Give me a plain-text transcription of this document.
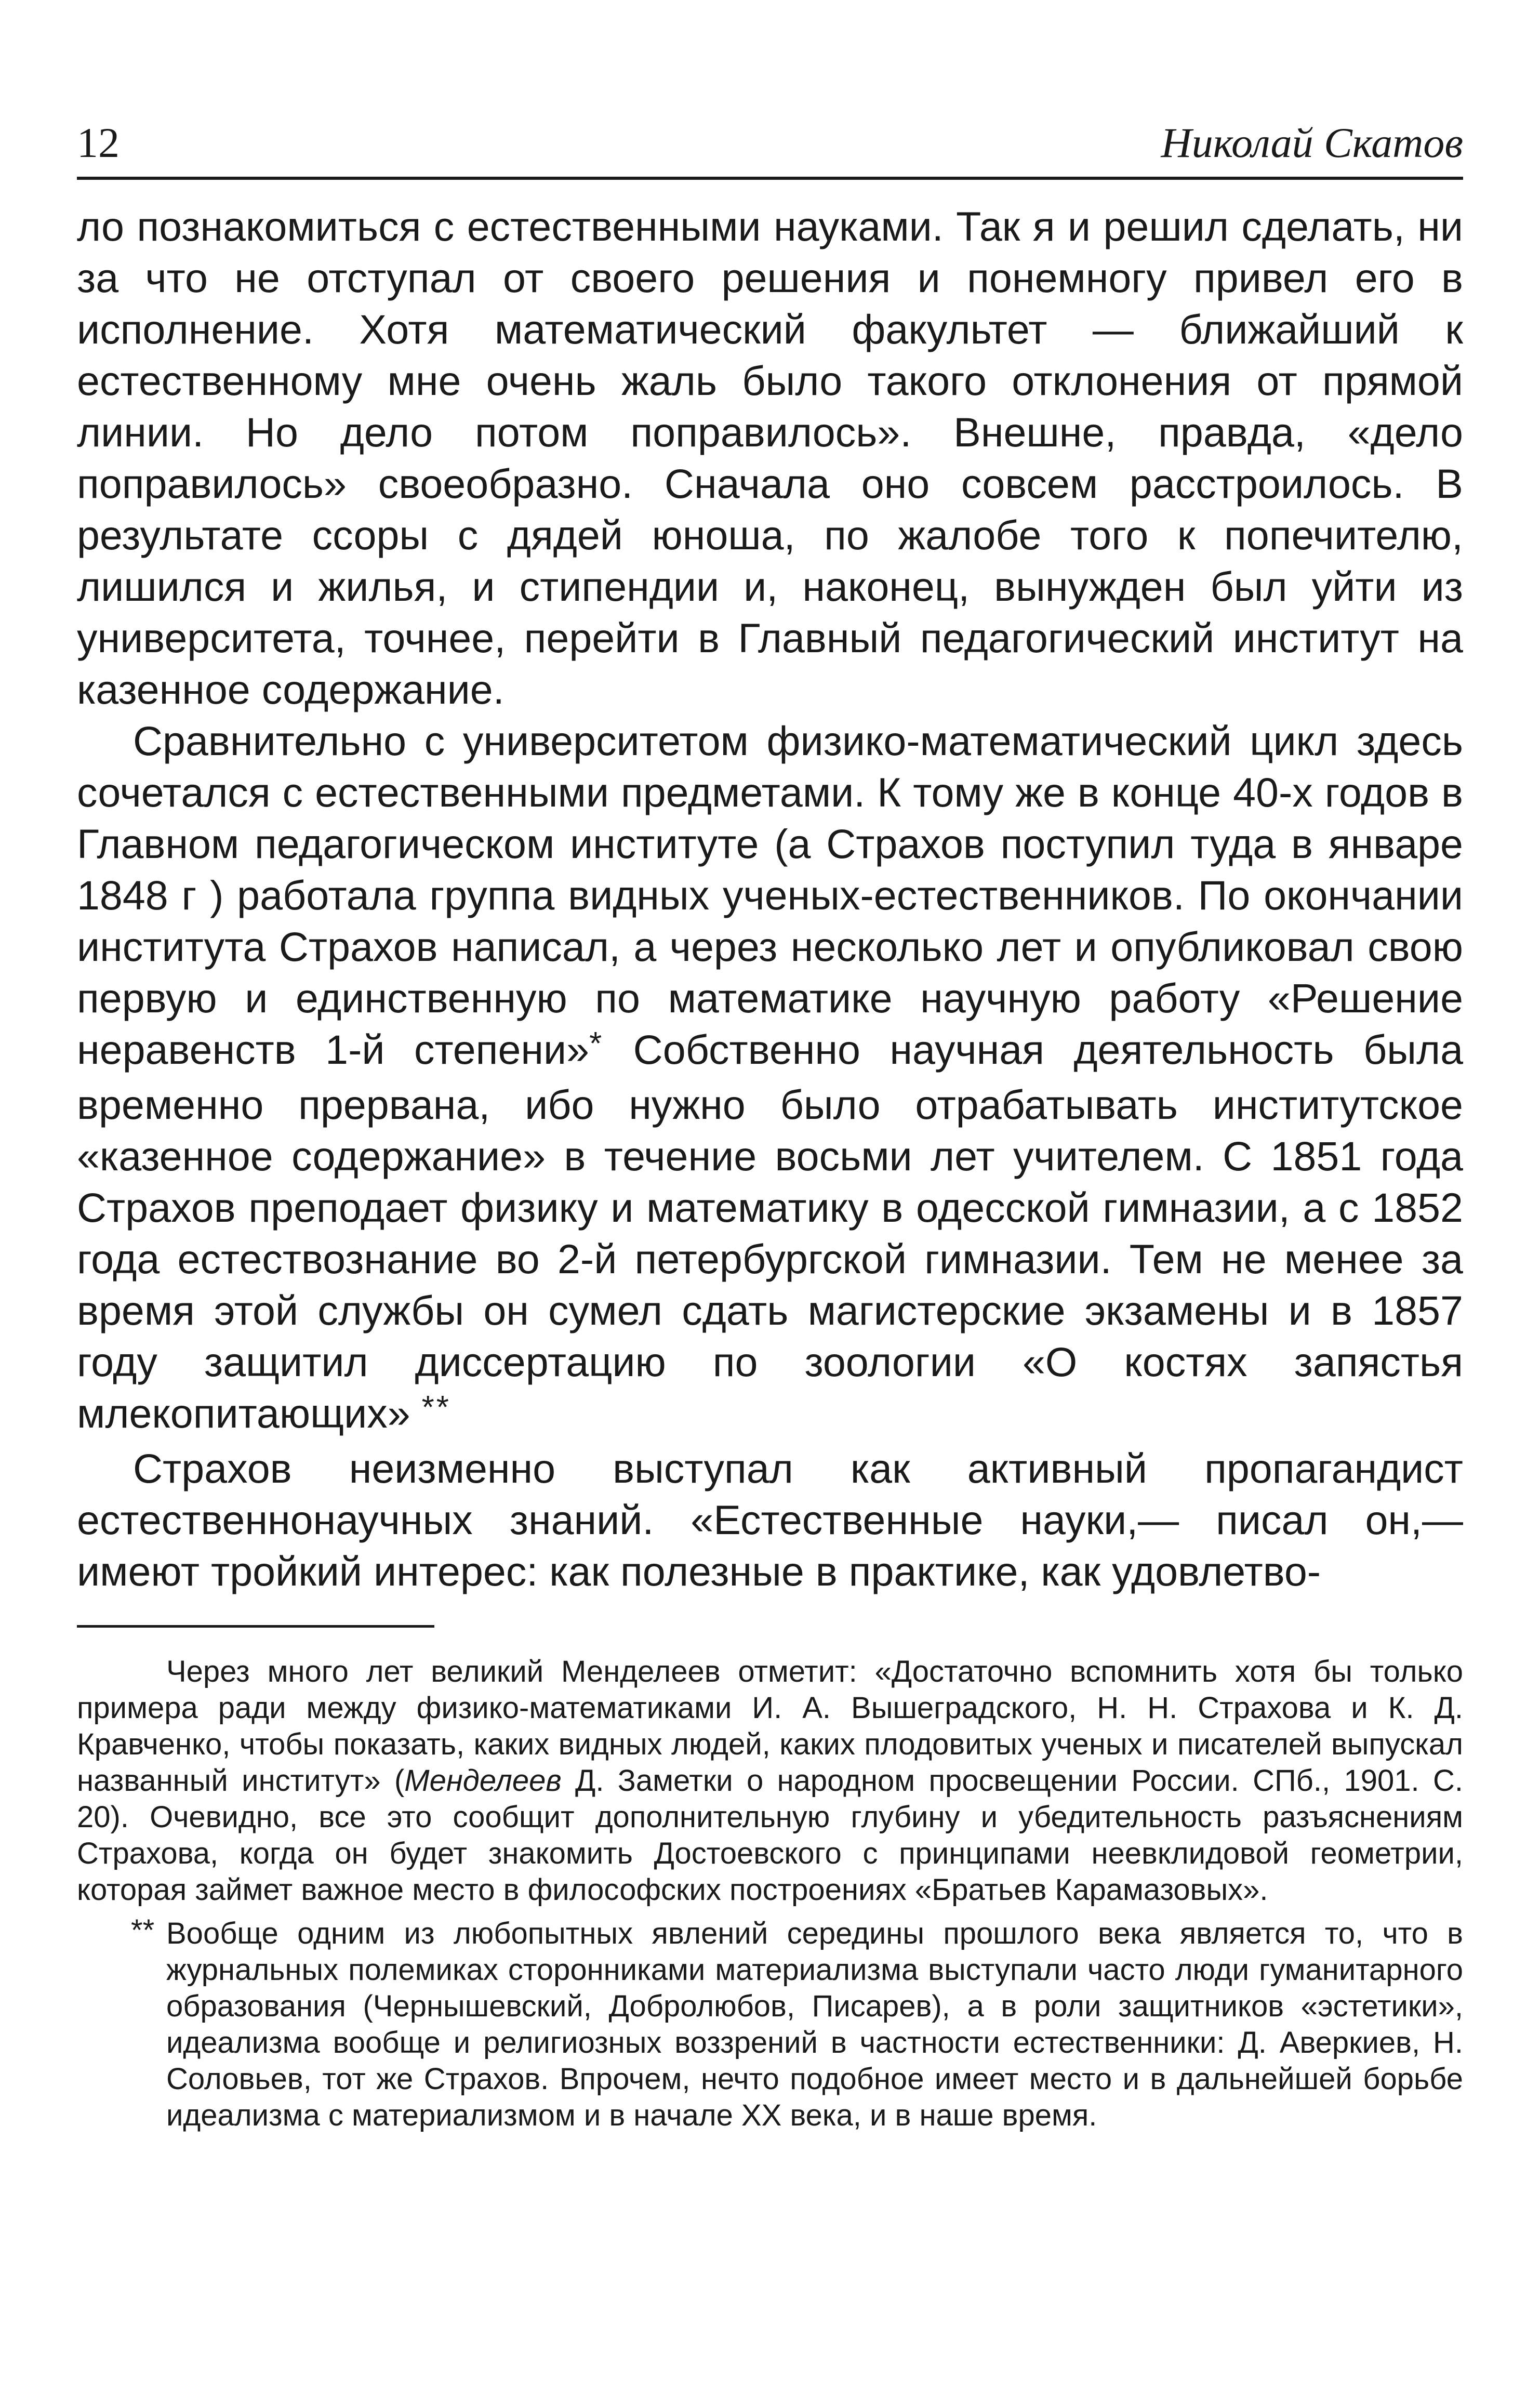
12	Николай Скатов

ло познакомиться с естественными науками. Так я и решил сделать, ни за что не отступал от своего решения и понемногу привел его в исполнение. Хотя математический факультет — ближайший к естественному мне очень жаль было такого отклонения от прямой линии. Но дело потом поправилось». Внешне, правда, «дело поправилось» своеобразно. Сначала оно совсем расстроилось. В результате ссоры с дядей юноша, по жалобе того к попечителю, лишился и жилья, и стипендии и, наконец, вынужден был уйти из университета, точнее, перейти в Главный педагогический институт на казенное содержание.

Сравнительно с университетом физико-математический цикл здесь сочетался с естественными предметами. К тому же в конце 40-х годов в Главном педагогическом институте (а Страхов поступил туда в январе 1848 г ) работала группа видных ученых-естественников. По окончании института Страхов написал, а через несколько лет и опубликовал свою первую и единственную по математике научную работу «Решение неравенств 1-й степени»* Собственно научная деятельность была временно прервана, ибо нужно было отрабатывать институтское «казенное содержание» в течение восьми лет учителем. С 1851 года Страхов преподает физику и математику в одесской гимназии, а с 1852 года естествознание во 2-й петербургской гимназии. Тем не менее за время этой службы он сумел сдать магистерские экзамены и в 1857 году защитил диссертацию по зоологии «О костях запястья млекопитающих» **

Страхов неизменно выступал как активный пропагандист естественнонаучных знаний. «Естественные науки,— писал он,— имеют тройкий интерес: как полезные в практике, как удовлетво-

Через много лет великий Менделеев отметит: «Достаточно вспомнить хотя бы только примера ради между физико-математиками И. А. Вышеградского, Н. Н. Страхова и К. Д. Кравченко, чтобы показать, каких видных людей, каких плодовитых ученых и писателей выпускал названный институт» (Менделеев Д. Заметки о народном просвещении России. СПб., 1901. С. 20). Очевидно, все это сообщит дополнительную глубину и убедительность разъяснениям Страхова, когда он будет знакомить Достоевского с принципами неевклидовой геометрии, которая займет важное место в философских построениях «Братьев Карамазовых».

** Вообще одним из любопытных явлений середины прошлого века является то, что в журнальных полемиках сторонниками материализма выступали часто люди гуманитарного образования (Чернышевский, Добролюбов, Писарев), а в роли защитников «эстетики», идеализма вообще и религиозных воззрений в частности естественники: Д. Аверкиев, Н. Соловьев, тот же Страхов. Впрочем, нечто подобное имеет место и в дальнейшей борьбе идеализма с материализмом и в начале XX века, и в наше время.
